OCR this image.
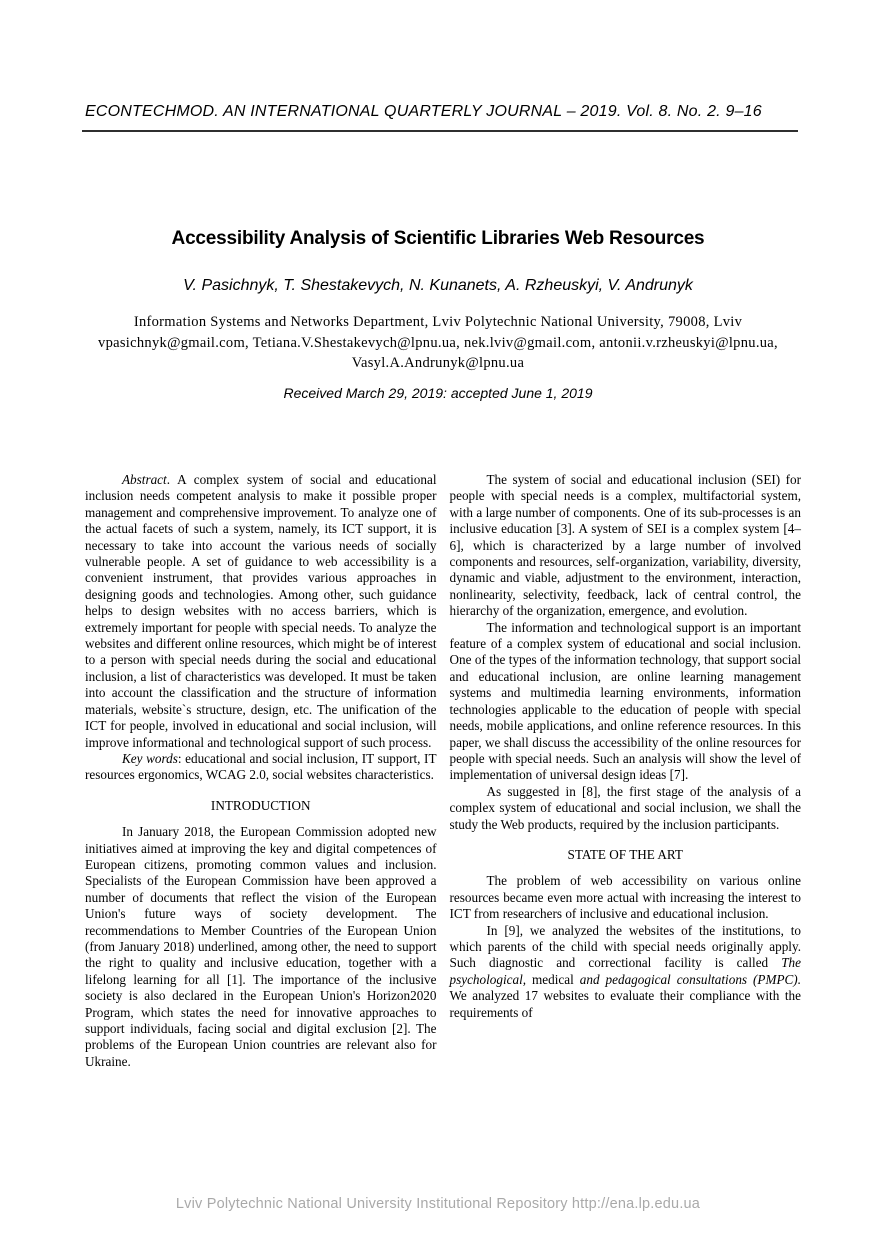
ECONTECHMOD. AN INTERNATIONAL QUARTERLY JOURNAL – 2019. Vol. 8. No. 2. 9–16
Accessibility Analysis of Scientific Libraries Web Resources
V. Pasichnyk, T. Shestakevych, N. Kunanets, A. Rzheuskyi, V. Andrunyk
Information Systems and Networks Department, Lviv Polytechnic National University, 79008, Lviv
vpasichnyk@gmail.com, Tetiana.V.Shestakevych@lpnu.ua, nek.lviv@gmail.com, antonii.v.rzheuskyi@lpnu.ua,
Vasyl.A.Andrunyk@lpnu.ua
Received March 29, 2019: accepted June 1, 2019

Abstract. A complex system of social and educational inclusion needs competent analysis to make it possible proper management and comprehensive improvement. To analyze one of the actual facets of such a system, namely, its ICT support, it is necessary to take into account the various needs of socially vulnerable people. A set of guidance to web accessibility is a convenient instrument, that provides various approaches in designing goods and technologies. Among other, such guidance helps to design websites with no access barriers, which is extremely important for people with special needs. To analyze the websites and different online resources, which might be of interest to a person with special needs during the social and educational inclusion, a list of characteristics was developed. It must be taken into account the classification and the structure of information materials, website`s structure, design, etc. The unification of the ICT for people, involved in educational and social inclusion, will improve informational and technological support of such process.

Key words: educational and social inclusion, IT support, IT resources ergonomics, WCAG 2.0, social websites characteristics.

INTRODUCTION

In January 2018, the European Commission adopted new initiatives aimed at improving the key and digital competences of European citizens, promoting common values and inclusion. Specialists of the European Commission have been approved a number of documents that reflect the vision of the European Union's future ways of society development. The recommendations to Member Countries of the European Union (from January 2018) underlined, among other, the need to support the right to quality and inclusive education, together with a lifelong learning for all [1]. The importance of the inclusive society is also declared in the European Union's Horizon2020 Program, which states the need for innovative approaches to support individuals, facing social and digital exclusion [2]. The problems of the European Union countries are relevant also for Ukraine.

The system of social and educational inclusion (SEI) for people with special needs is a complex, multifactorial system, with a large number of components. One of its sub-processes is an inclusive education [3]. A system of SEI is a complex system [4–6], which is characterized by a large number of involved components and resources, self-organization, variability, diversity, dynamic and viable, adjustment to the environment, interaction, nonlinearity, selectivity, feedback, lack of central control, the hierarchy of the organization, emergence, and evolution.

The information and technological support is an important feature of a complex system of educational and social inclusion. One of the types of the information technology, that support social and educational inclusion, are online learning management systems and multimedia learning environments, information technologies applicable to the education of people with special needs, mobile applications, and online reference resources. In this paper, we shall discuss the accessibility of the online resources for people with special needs. Such an analysis will show the level of implementation of universal design ideas [7].

As suggested in [8], the first stage of the analysis of a complex system of educational and social inclusion, we shall the study the Web products, required by the inclusion participants.

STATE OF THE ART

The problem of web accessibility on various online resources became even more actual with increasing the interest to ICT from researchers of inclusive and educational inclusion.

In [9], we analyzed the websites of the institutions, to which parents of the child with special needs originally apply. Such diagnostic and correctional facility is called The psychological, medical and pedagogical consultations (PMPC). We analyzed 17 websites to evaluate their compliance with the requirements of

Lviv Polytechnic National University Institutional Repository http://ena.lp.edu.ua
